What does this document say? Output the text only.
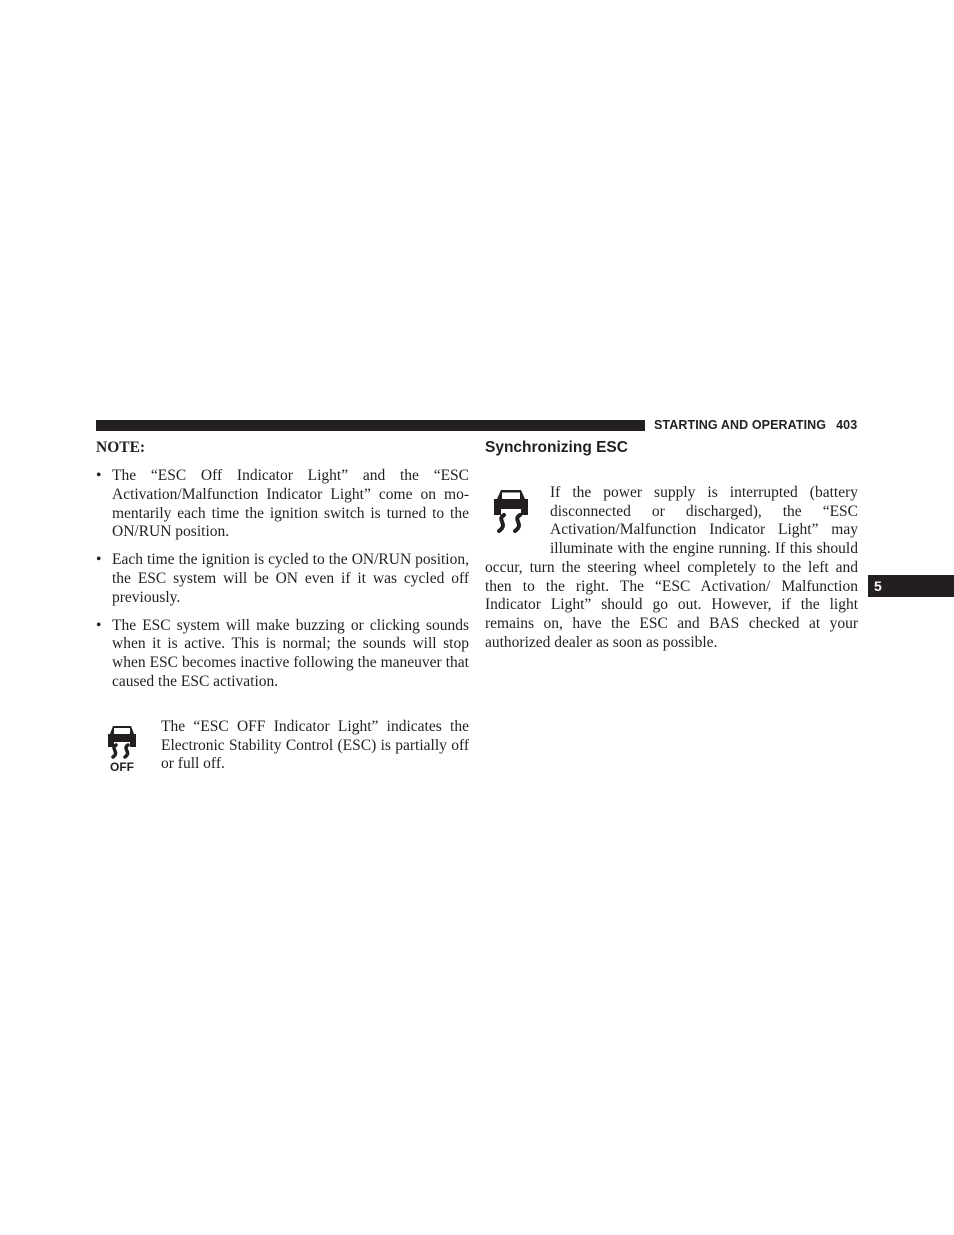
STARTING AND OPERATING 403
5
NOTE:
• The “ESC Off Indicator Light” and the “ESC Activation/Malfunction Indicator Light” come on mo-mentarily each time the ignition switch is turned to the ON/RUN position.
• Each time the ignition is cycled to the ON/RUN position, the ESC system will be ON even if it was cycled off previously.
• The ESC system will make buzzing or clicking sounds when it is active. This is normal; the sounds will stop when ESC becomes inactive following the maneuver that caused the ESC activation.
OFF

The “ESC OFF Indicator Light” indicates the Electronic Stability Control (ESC) is partially off or full off.

Synchronizing ESC

If the power supply is interrupted (battery disconnected or discharged), the “ESC Activation/Malfunction Indicator Light” may illuminate with the engine running. If this should occur, turn the steering wheel completely to the left and then to the right. The “ESC Activation/ Malfunction Indicator Light” should go out. However, if the light remains on, have the ESC and BAS checked at your authorized dealer as soon as possible.
